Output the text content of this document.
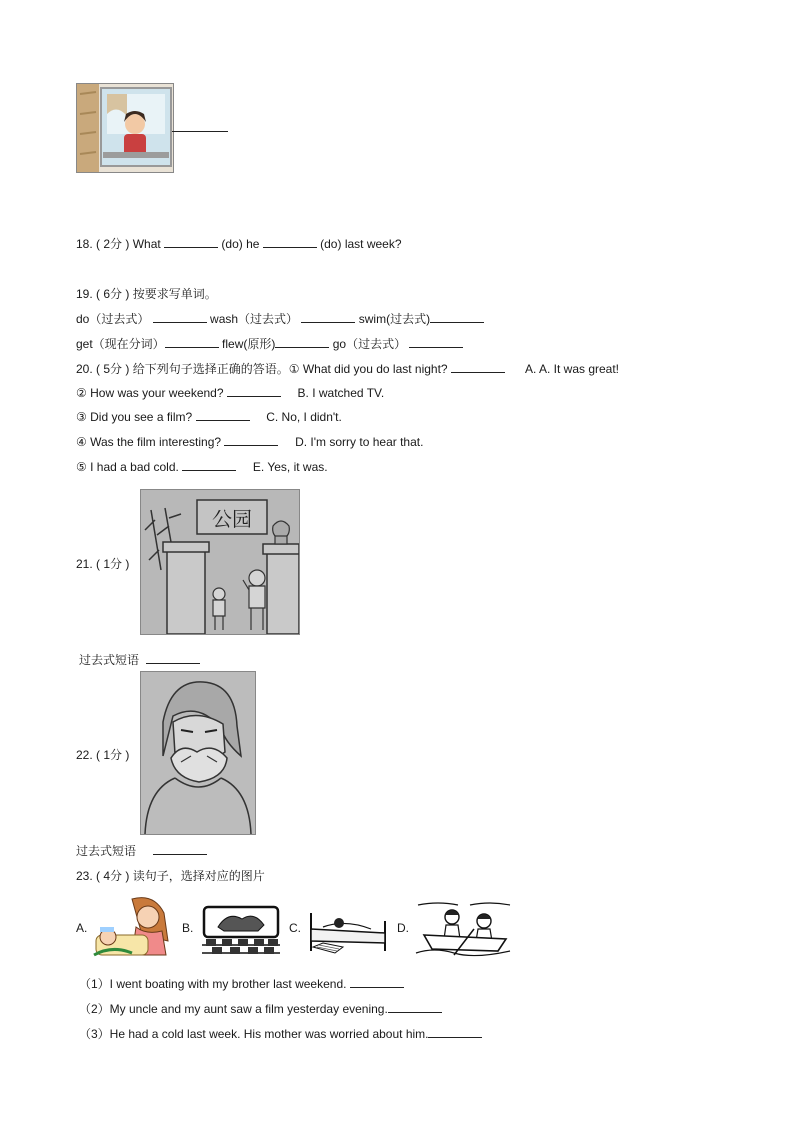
18. ( 2分 ) What	(do) he	(do) last week?
19. ( 6分 ) 按要求写单词。
do（过去式）	wash（过去式）	swim(过去式)
get（现在分词）	flew(原形)	go（过去式）
20. ( 5分 ) 给下列句子选择正确的答语。① What did you do last night?	A. A. It was great!
② How was your weekend?	B. I watched TV.
③ Did you see a film?	C. No, I didn't.
④ Was the film interesting?	D. I'm sorry to hear that.
⑤ I had a bad cold.	E. Yes, it was.
21. ( 1分 )
公园
过去式短语
22. ( 1分 )
过去式短语
23. ( 4分 ) 读句子，选择对应的图片
A.	B.	C.	D.
（1）I went boating with my brother last weekend.
（2）My uncle and my aunt saw a film yesterday evening.
（3）He had a cold last week. His mother was worried about him.
